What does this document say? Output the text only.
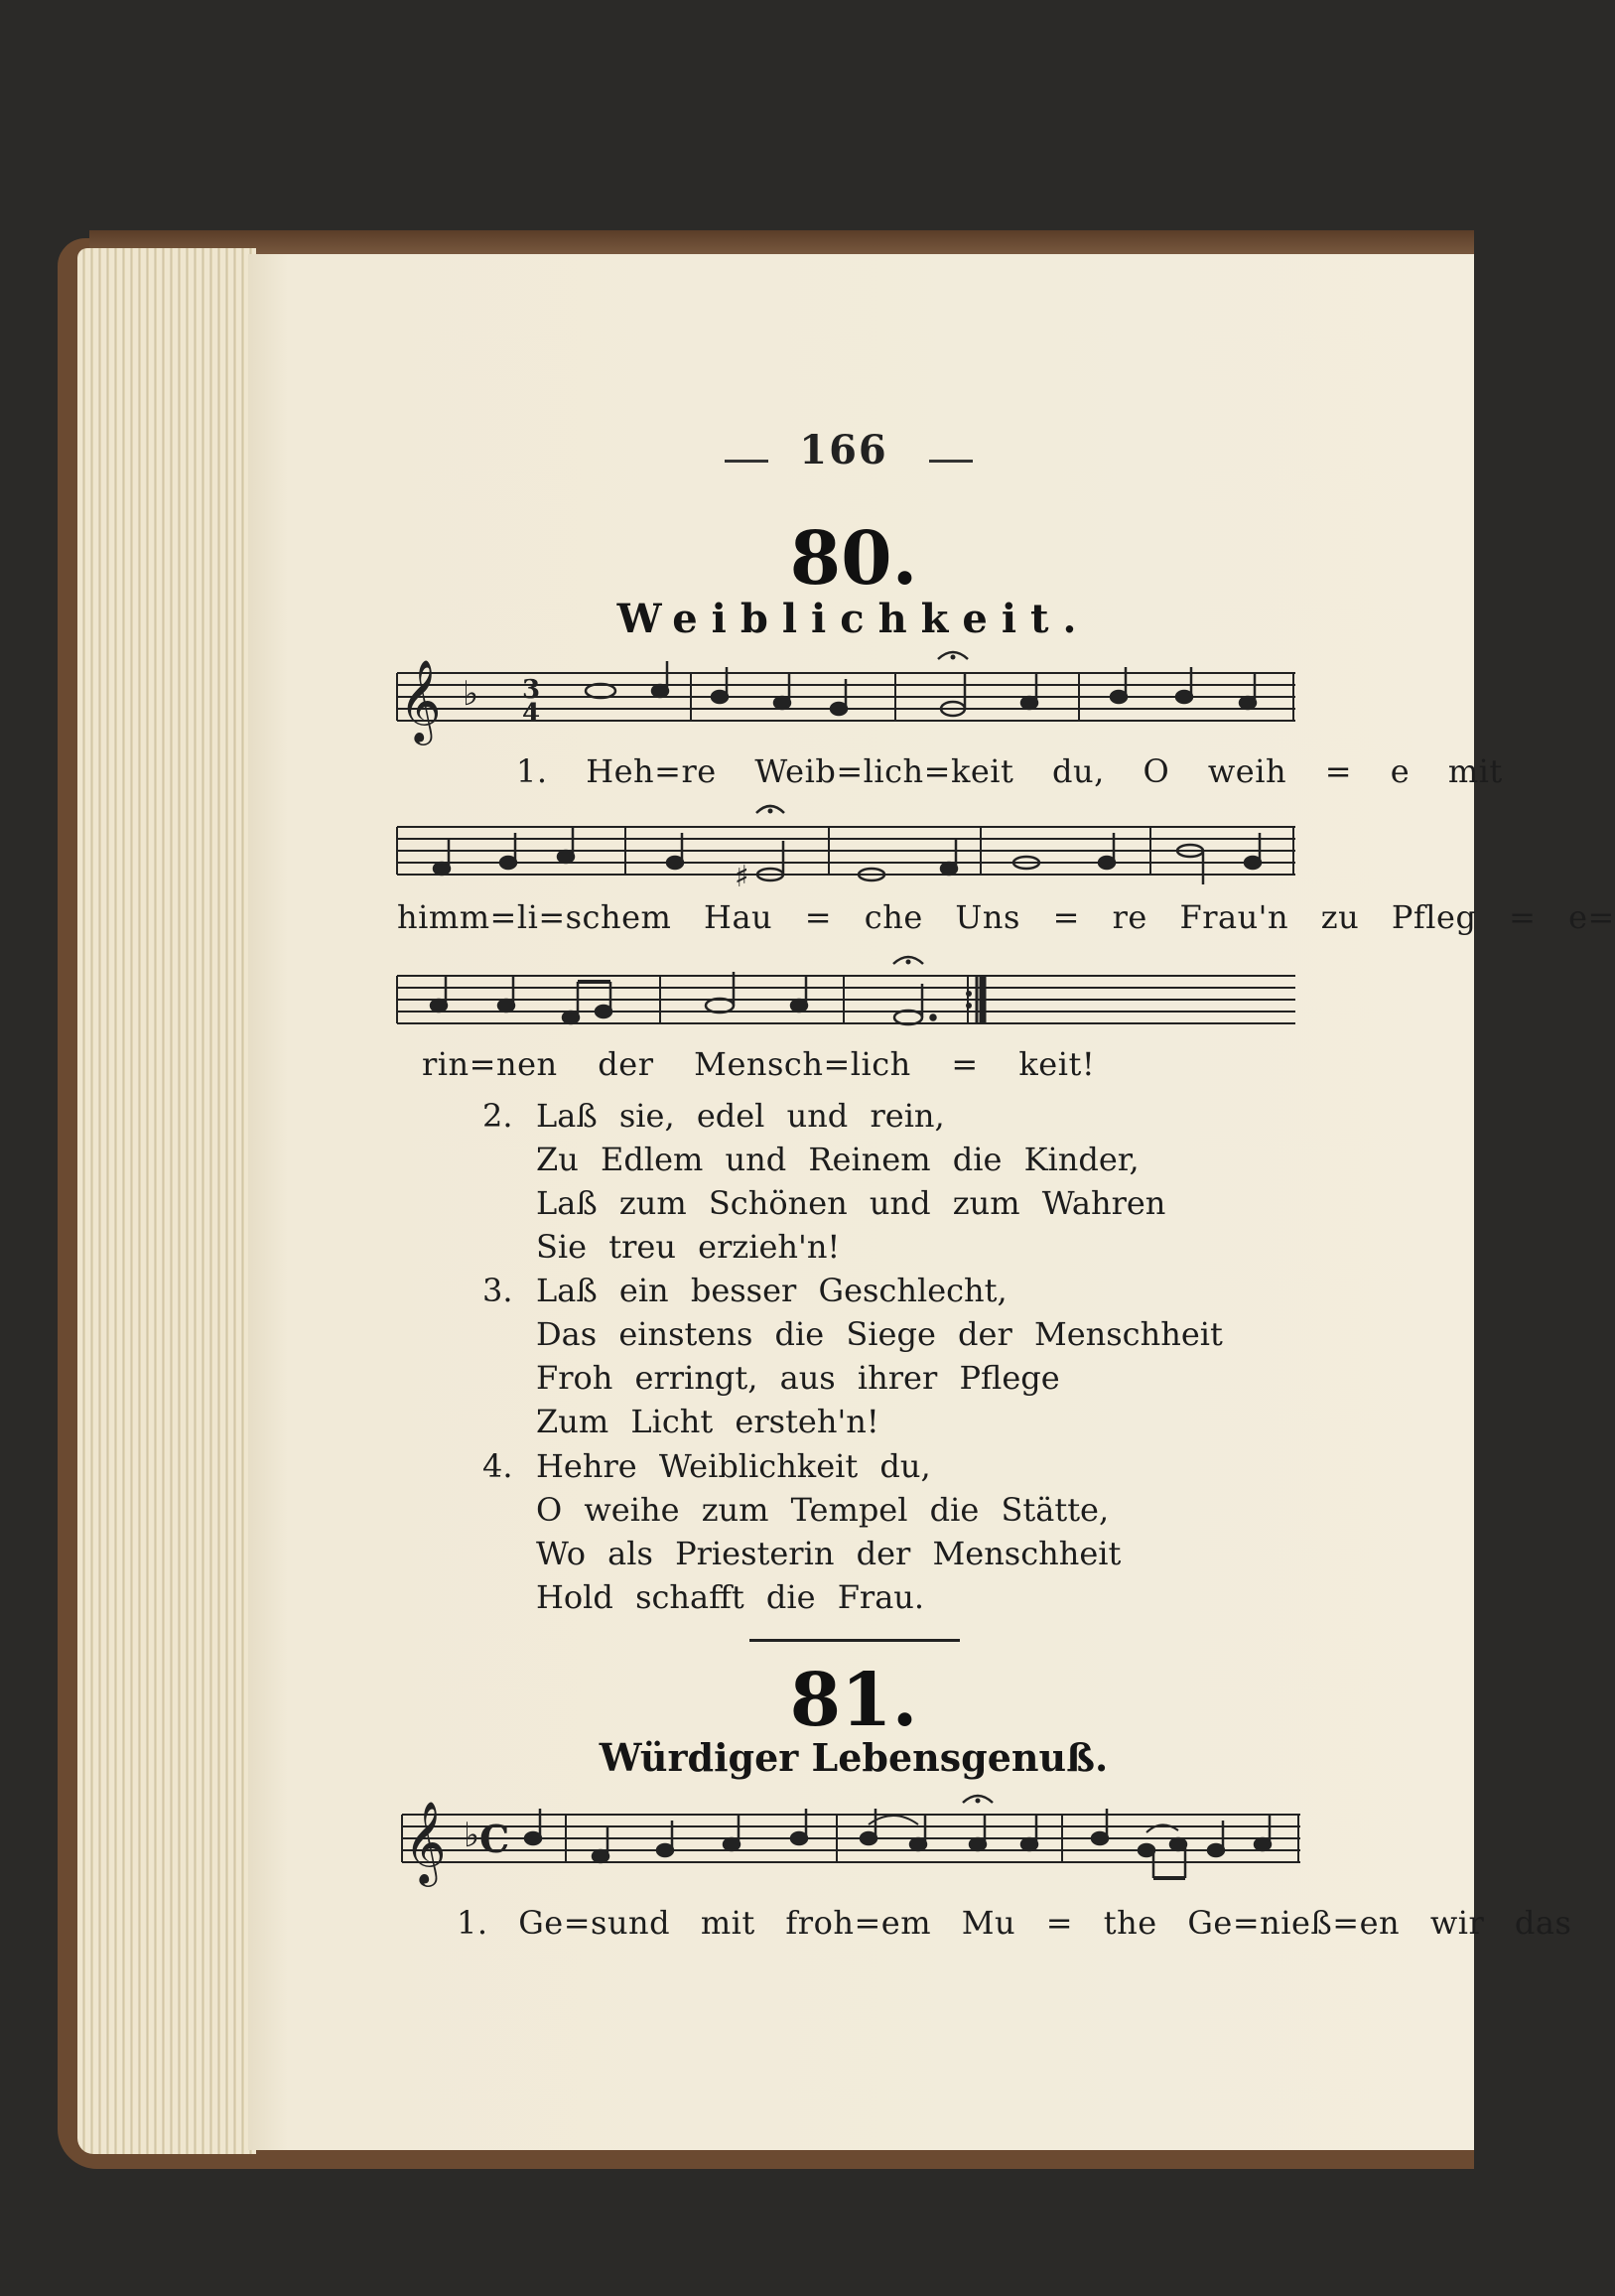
166
80.
Weiblichkeit.
𝄞 ♭ 3
4
1. Heh=re Weib=lich=keit du, O weih = e mit
♯
himm=li=schem Hau = che Uns = re Frau'n zu Pfleg = e=
rin=nen der Mensch=lich = keit!
2. Laß sie, edel und rein,
Zu Edlem und Reinem die Kinder,
Laß zum Schönen und zum Wahren
Sie treu erzieh'n!
3. Laß ein besser Geschlecht,
Das einstens die Siege der Menschheit
Froh erringt, aus ihrer Pflege
Zum Licht ersteh'n!
4. Hehre Weiblichkeit du,
O weihe zum Tempel die Stätte,
Wo als Priesterin der Menschheit
Hold schafft die Frau.
81.
Würdiger Lebensgenuß.
𝄞 ♭ C
1. Ge=sund mit froh=em Mu = the Ge=nieß=en wir das
